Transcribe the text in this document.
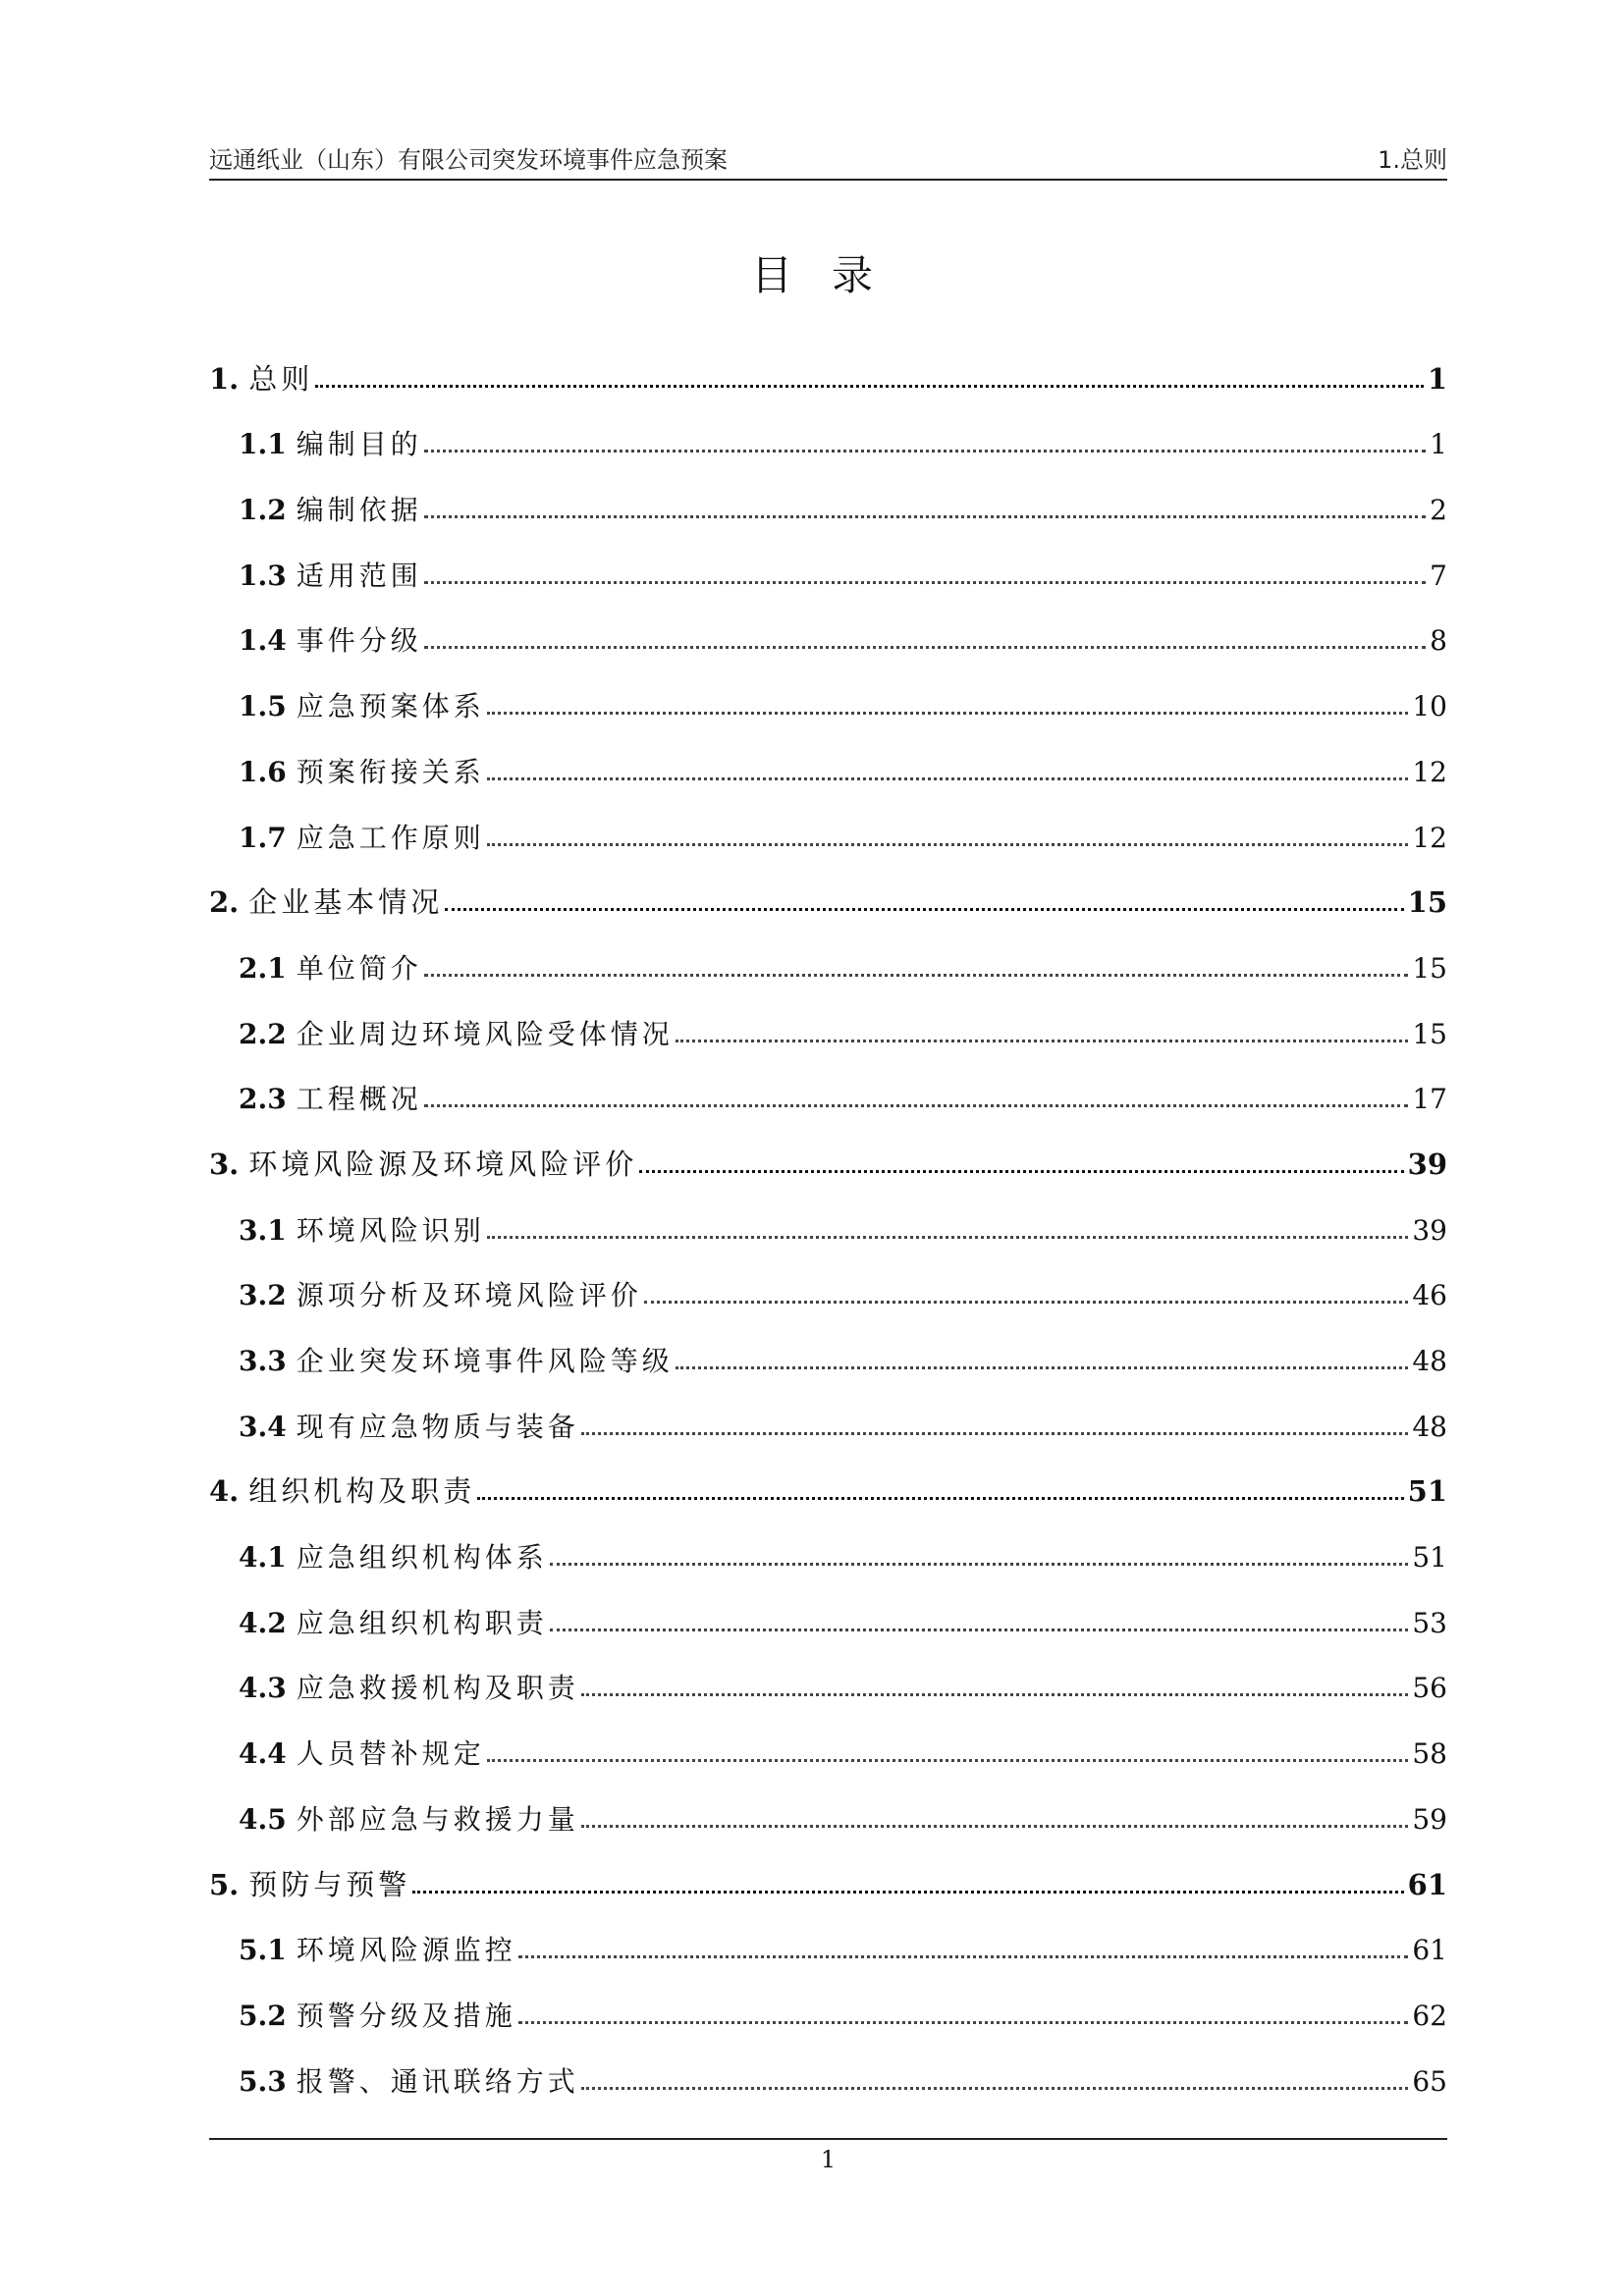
远通纸业（山东）有限公司突发环境事件应急预案	1.总则
目录
1. 总则	1
1.1 编制目的	1
1.2 编制依据	2
1.3 适用范围	7
1.4 事件分级	8
1.5 应急预案体系	10
1.6 预案衔接关系	12
1.7 应急工作原则	12
2. 企业基本情况	15
2.1 单位简介	15
2.2 企业周边环境风险受体情况	15
2.3 工程概况	17
3. 环境风险源及环境风险评价	39
3.1 环境风险识别	39
3.2 源项分析及环境风险评价	46
3.3 企业突发环境事件风险等级	48
3.4 现有应急物质与装备	48
4. 组织机构及职责	51
4.1 应急组织机构体系	51
4.2 应急组织机构职责	53
4.3 应急救援机构及职责	56
4.4 人员替补规定	58
4.5 外部应急与救援力量	59
5. 预防与预警	61
5.1 环境风险源监控	61
5.2 预警分级及措施	62
5.3 报警、通讯联络方式	65
1
